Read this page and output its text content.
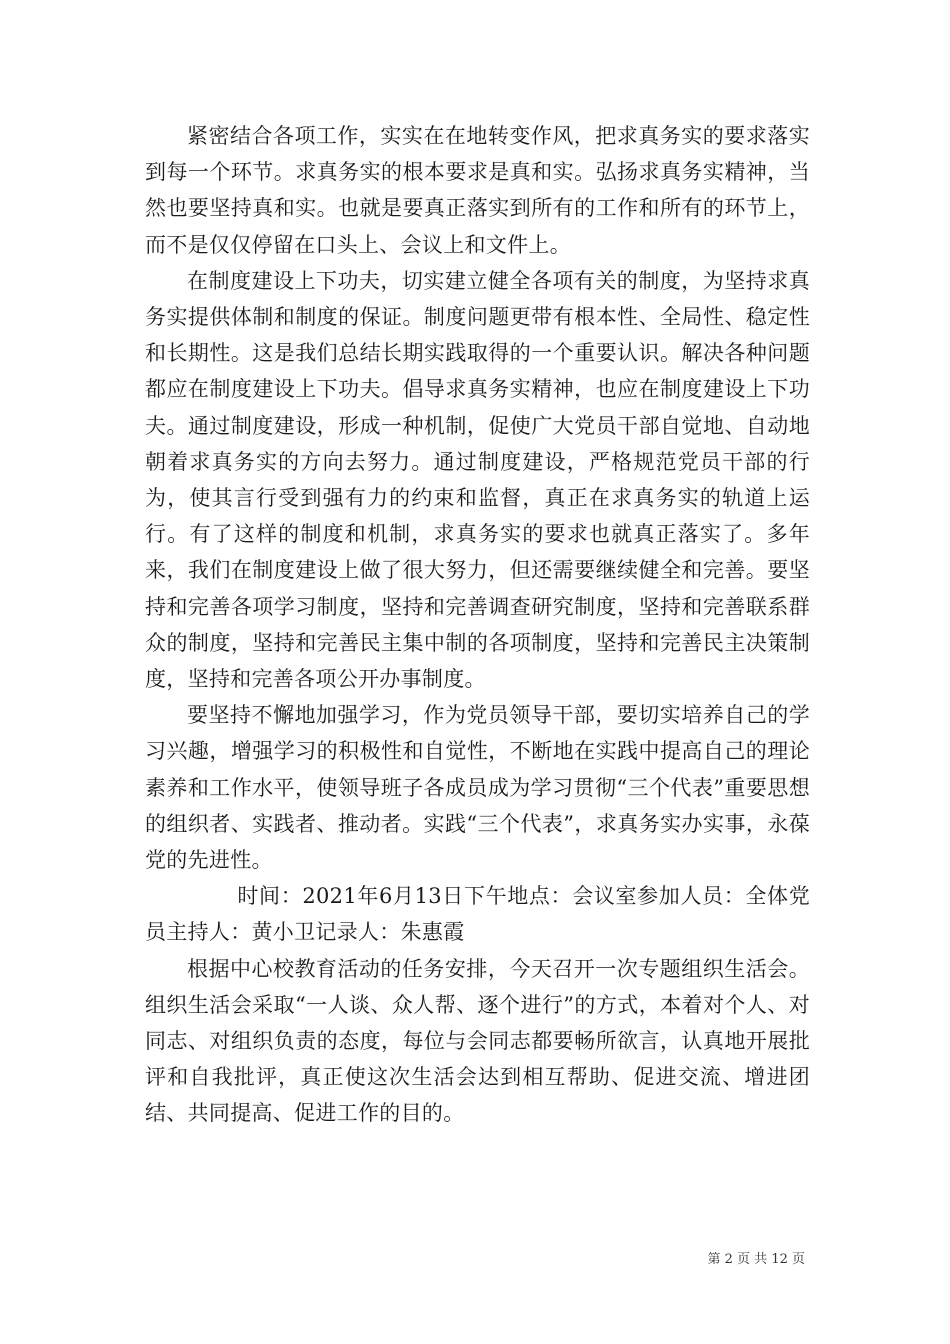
紧密结合各项工作，实实在在地转变作风，把求真务实的要求落实到每一个环节。求真务实的根本要求是真和实。弘扬求真务实精神，当然也要坚持真和实。也就是要真正落实到所有的工作和所有的环节上，而不是仅仅停留在口头上、会议上和文件上。

在制度建设上下功夫，切实建立健全各项有关的制度，为坚持求真务实提供体制和制度的保证。制度问题更带有根本性、全局性、稳定性和长期性。这是我们总结长期实践取得的一个重要认识。解决各种问题都应在制度建设上下功夫。倡导求真务实精神，也应在制度建设上下功夫。通过制度建设，形成一种机制，促使广大党员干部自觉地、自动地朝着求真务实的方向去努力。通过制度建设，严格规范党员干部的行为，使其言行受到强有力的约束和监督，真正在求真务实的轨道上运行。有了这样的制度和机制，求真务实的要求也就真正落实了。多年来，我们在制度建设上做了很大努力，但还需要继续健全和完善。要坚持和完善各项学习制度，坚持和完善调查研究制度，坚持和完善联系群众的制度，坚持和完善民主集中制的各项制度，坚持和完善民主决策制度，坚持和完善各项公开办事制度。

要坚持不懈地加强学习，作为党员领导干部，要切实培养自己的学习兴趣，增强学习的积极性和自觉性，不断地在实践中提高自己的理论素养和工作水平，使领导班子各成员成为学习贯彻“三个代表”重要思想的组织者、实践者、推动者。实践“三个代表”，求真务实办实事，永葆党的先进性。

时间：2021年6月13日下午地点：会议室参加人员：全体党员主持人：黄小卫记录人：朱惠霞

根据中心校教育活动的任务安排，今天召开一次专题组织生活会。组织生活会采取“一人谈、众人帮、逐个进行”的方式，本着对个人、对同志、对组织负责的态度，每位与会同志都要畅所欲言，认真地开展批评和自我批评，真正使这次生活会达到相互帮助、促进交流、增进团结、共同提高、促进工作的目的。

第 2 页 共 12 页
